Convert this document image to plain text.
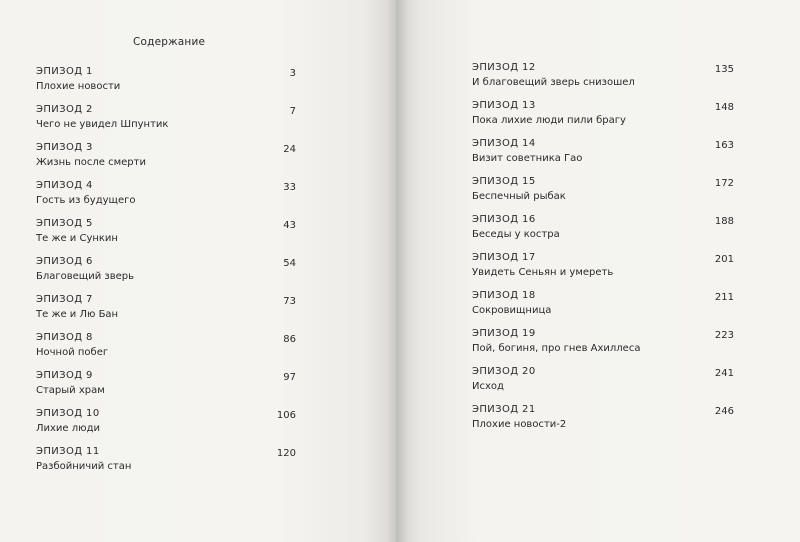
Содержание
ЭПИЗОД 1
Плохие новости
3
ЭПИЗОД 2
Чего не увидел Шпунтик
7
ЭПИЗОД 3
Жизнь после смерти
24
ЭПИЗОД 4
Гость из будущего
33
ЭПИЗОД 5
Те же и Сункин
43
ЭПИЗОД 6
Благовещий зверь
54
ЭПИЗОД 7
Те же и Лю Бан
73
ЭПИЗОД 8
Ночной побег
86
ЭПИЗОД 9
Старый храм
97
ЭПИЗОД 10
Лихие люди
106
ЭПИЗОД 11
Разбойничий стан
120
ЭПИЗОД 12
И благовещий зверь снизошел
135
ЭПИЗОД 13
Пока лихие люди пили брагу
148
ЭПИЗОД 14
Визит советника Гао
163
ЭПИЗОД 15
Беспечный рыбак
172
ЭПИЗОД 16
Беседы у костра
188
ЭПИЗОД 17
Увидеть Сеньян и умереть
201
ЭПИЗОД 18
Сокровищница
211
ЭПИЗОД 19
Пой, богиня, про гнев Ахиллеса
223
ЭПИЗОД 20
Исход
241
ЭПИЗОД 21
Плохие новости-2
246
